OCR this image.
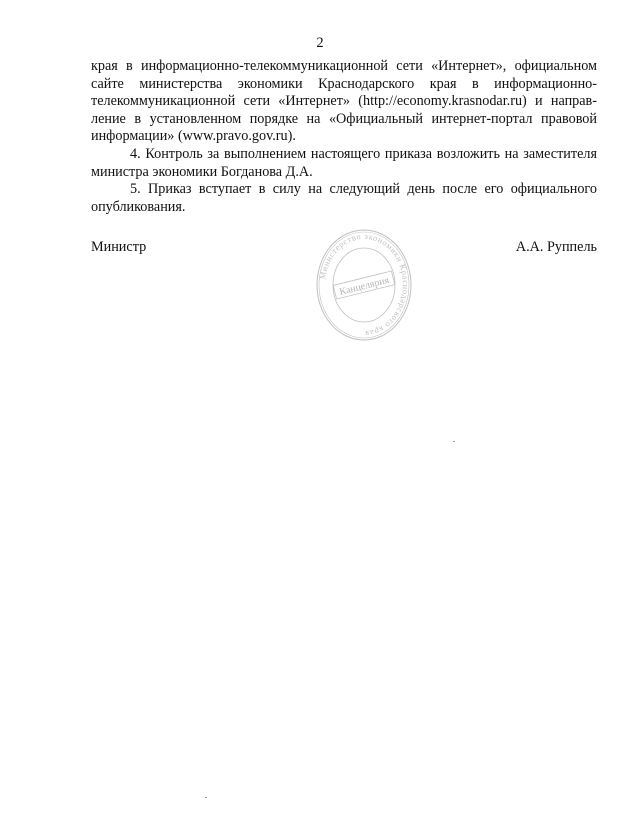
2

края в информационно-телекоммуникационной сети «Интернет», официальном сайте министерства экономики Краснодарского края в информационно-телекоммуникационной сети «Интернет» (http://economy.krasnodar.ru) и направление в установленном порядке на «Официальный интернет-портал правовой информации» (www.pravo.gov.ru).

4. Контроль за выполнением настоящего приказа возложить на заместителя министра экономики Богданова Д.А.

5. Приказ вступает в силу на следующий день после его официального опубликования.

Министр	А.А. Руппель
Министерство экономики Краснодарского края
Канцелярия
